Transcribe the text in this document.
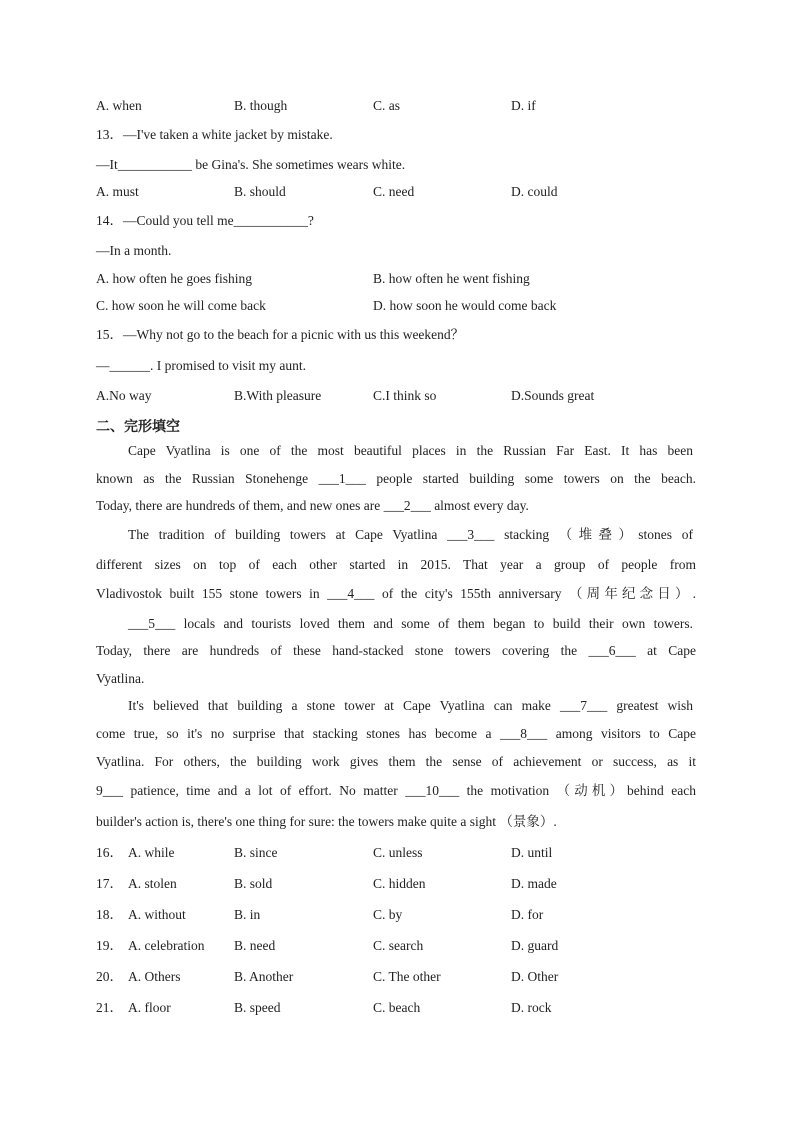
A. when	B. though	C. as	D. if
13．—I've taken a white jacket by mistake.
—It___________ be Gina's. She sometimes wears white.
A. must	B. should	C. need	D. could
14．—Could you tell me___________?
—In a month.
A. how often he goes fishing	B. how often he went fishing
C. how soon he will come back	D. how soon he would come back
15．—Why not go to the beach for a picnic with us this weekend？
—______. I promised to visit my aunt.
A.No way	B.With pleasure	C.I think so	D.Sounds great
二、完形填空
Cape Vyatlina is one of the most beautiful places in the Russian Far East. It has been
known as the Russian Stonehenge ___1___ people started building some towers on the beach.
Today, there are hundreds of them, and new ones are ___2___ almost every day.
The tradition of building towers at Cape Vyatlina ___3___ stacking （堆叠）stones of
different sizes on top of each other started in 2015. That year a group of people from
Vladivostok built 155 stone towers in ___4___ of the city's 155th anniversary （周年纪念日）.
___5___ locals and tourists loved them and some of them began to build their own towers.
Today, there are hundreds of these hand-stacked stone towers covering the ___6___ at Cape
Vyatlina.
It's believed that building a stone tower at Cape Vyatlina can make ___7___ greatest wish
come true, so it's no surprise that stacking stones has become a ___8___ among visitors to Cape
Vyatlina. For others, the building work gives them the sense of achievement or success, as it
9___ patience, time and a lot of effort. No matter ___10___ the motivation （动机）behind each
builder's action is, there's one thing for sure: the towers make quite a sight （景象）.
16． A. while	B. since	C. unless	D. until
17． A. stolen	B. sold	C. hidden	D. made
18． A. without	B. in	C. by	D. for
19． A. celebration B. need	C. search	D. guard
20． A. Others	B. Another	C. The other	D. Other
21． A. floor	B. speed	C. beach	D. rock
